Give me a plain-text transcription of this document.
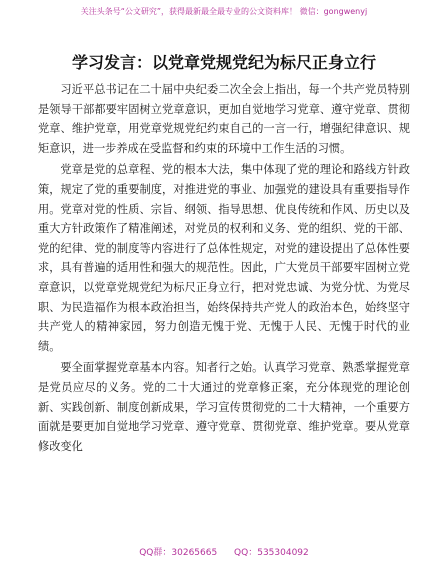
关注头条号“公文研究”，获得最新最全最专业的公文资料库！ 微信：gongwenyj
学习发言：以党章党规党纪为标尺正身立行

习近平总书记在二十届中央纪委二次全会上指出，每一个共产党员特别是领导干部都要牢固树立党章意识，更加自觉地学习党章、遵守党章、贯彻党章、维护党章，用党章党规党纪约束自己的一言一行，增强纪律意识、规矩意识，进一步养成在受监督和约束的环境中工作生活的习惯。

党章是党的总章程、党的根本大法，集中体现了党的理论和路线方针政策，规定了党的重要制度，对推进党的事业、加强党的建设具有重要指导作用。党章对党的性质、宗旨、纲领、指导思想、优良传统和作风、历史以及重大方针政策作了精准阐述，对党员的权利和义务、党的组织、党的干部、党的纪律、党的制度等内容进行了总体性规定，对党的建设提出了总体性要求，具有普遍的适用性和强大的规范性。因此，广大党员干部要牢固树立党章意识，以党章党规党纪为标尺正身立行，把对党忠诚、为党分忧、为党尽职、为民造福作为根本政治担当，始终保持共产党人的政治本色，始终坚守共产党人的精神家园，努力创造无愧于党、无愧于人民、无愧于时代的业绩。

要全面掌握党章基本内容。知者行之始。认真学习党章、熟悉掌握党章是党员应尽的义务。党的二十大通过的党章修正案，充分体现党的理论创新、实践创新、制度创新成果，学习宣传贯彻党的二十大精神，一个重要方面就是要更加自觉地学习党章、遵守党章、贯彻党章、维护党章。要从党章修改变化

QQ群：30265665 QQ：535304092
